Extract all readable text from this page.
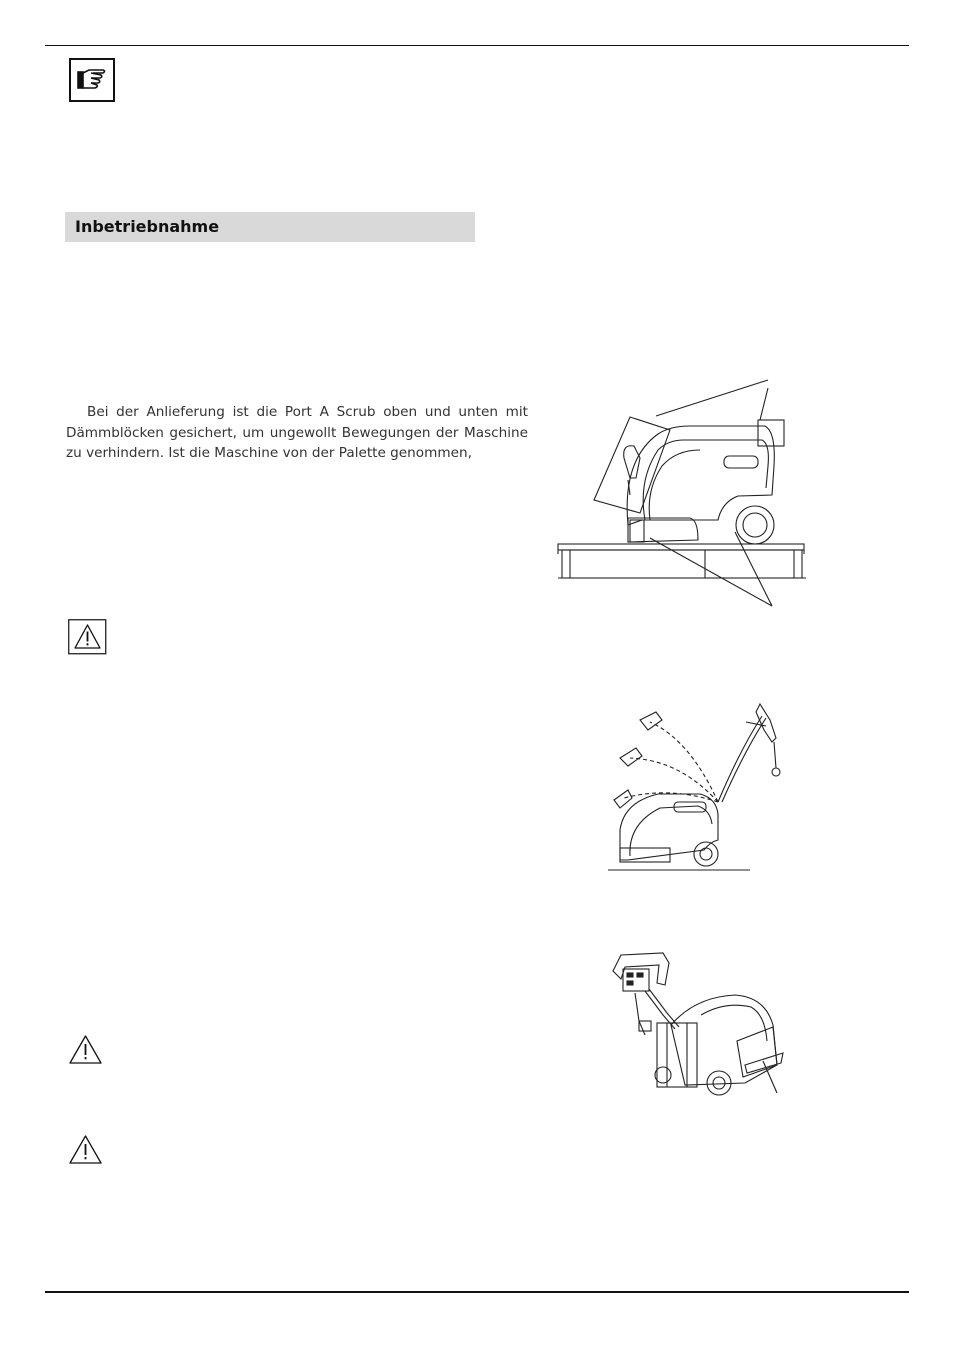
Inbetriebnahme

Bei der Anlieferung ist die Port A Scrub oben und unten mit Dämmblöcken gesichert, um ungewollt Bewegungen der Maschine zu verhindern. Ist die Maschine von der Palette genommen,
